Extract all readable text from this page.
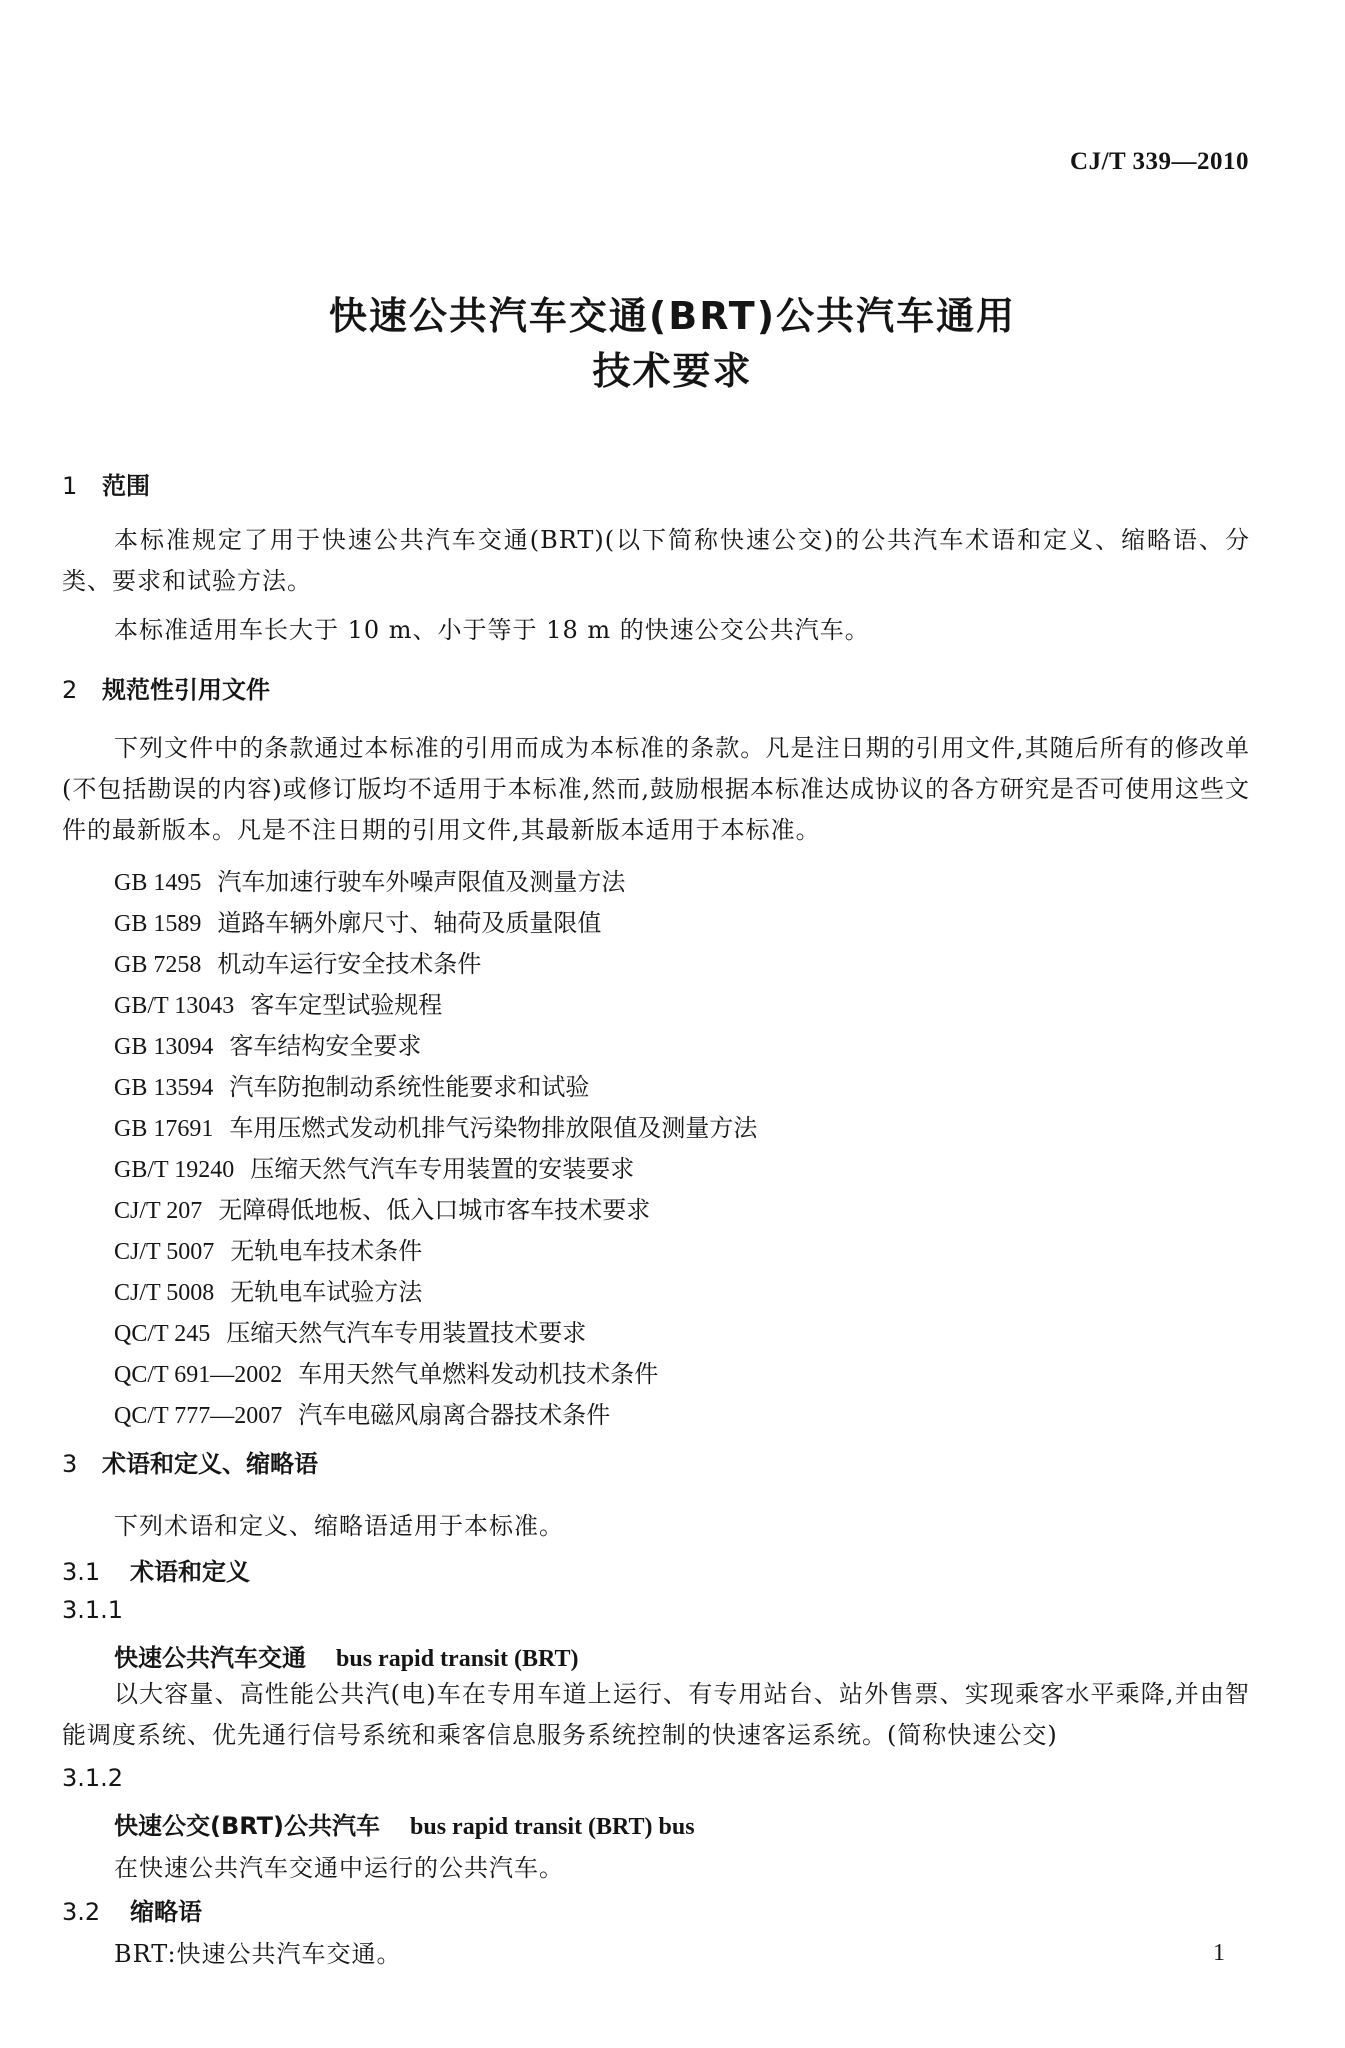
CJ/T 339—2010
快速公共汽车交通(BRT)公共汽车通用
技术要求
1 范围
本标准规定了用于快速公共汽车交通(BRT)(以下简称快速公交)的公共汽车术语和定义、缩略语、分类、要求和试验方法。
本标准适用车长大于 10 m、小于等于 18 m 的快速公交公共汽车。
2 规范性引用文件
下列文件中的条款通过本标准的引用而成为本标准的条款。凡是注日期的引用文件,其随后所有的修改单(不包括勘误的内容)或修订版均不适用于本标准,然而,鼓励根据本标准达成协议的各方研究是否可使用这些文件的最新版本。凡是不注日期的引用文件,其最新版本适用于本标准。
GB 1495 汽车加速行驶车外噪声限值及测量方法
GB 1589 道路车辆外廓尺寸、轴荷及质量限值
GB 7258 机动车运行安全技术条件
GB/T 13043 客车定型试验规程
GB 13094 客车结构安全要求
GB 13594 汽车防抱制动系统性能要求和试验
GB 17691 车用压燃式发动机排气污染物排放限值及测量方法
GB/T 19240 压缩天然气汽车专用装置的安装要求
CJ/T 207 无障碍低地板、低入口城市客车技术要求
CJ/T 5007 无轨电车技术条件
CJ/T 5008 无轨电车试验方法
QC/T 245 压缩天然气汽车专用装置技术要求
QC/T 691—2002 车用天然气单燃料发动机技术条件
QC/T 777—2007 汽车电磁风扇离合器技术条件
3 术语和定义、缩略语
下列术语和定义、缩略语适用于本标准。
3.1 术语和定义
3.1.1
快速公共汽车交通 bus rapid transit (BRT)
以大容量、高性能公共汽(电)车在专用车道上运行、有专用站台、站外售票、实现乘客水平乘降,并由智能调度系统、优先通行信号系统和乘客信息服务系统控制的快速客运系统。(简称快速公交)
3.1.2
快速公交(BRT)公共汽车 bus rapid transit (BRT) bus
在快速公共汽车交通中运行的公共汽车。
3.2 缩略语
BRT:快速公共汽车交通。	1
